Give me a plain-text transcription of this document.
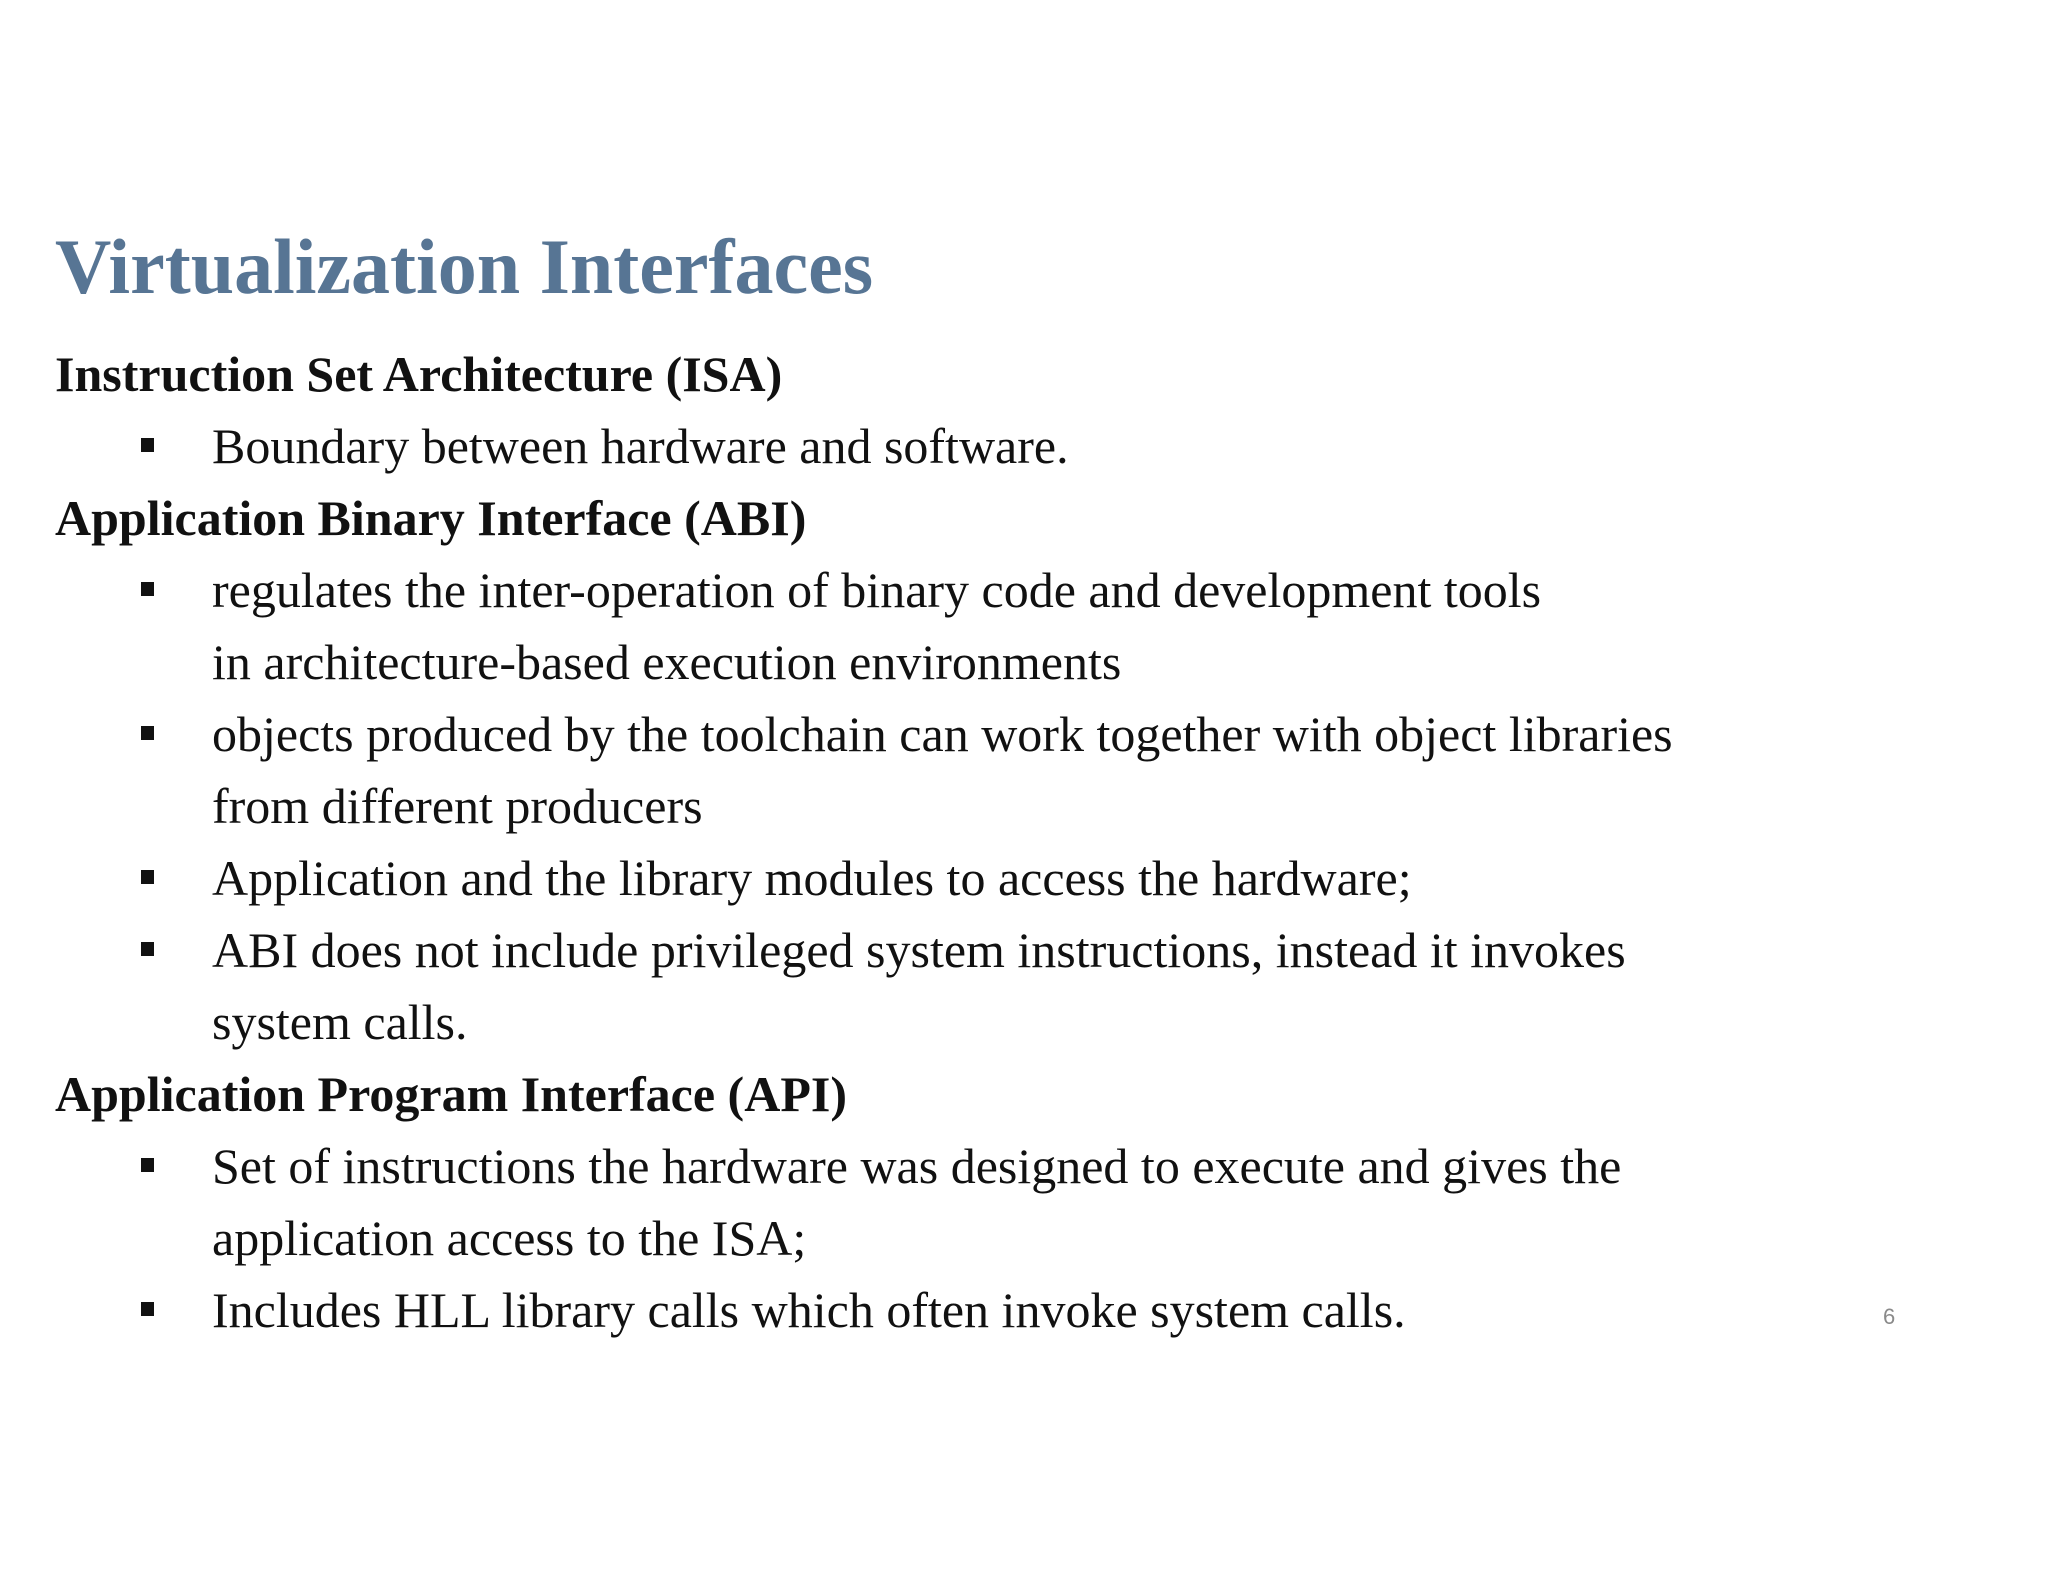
Virtualization Interfaces
Instruction Set Architecture (ISA)
Boundary between hardware and software.
Application Binary Interface (ABI)
regulates the inter-operation of binary code and development tools
in architecture-based execution environments
objects produced by the toolchain can work together with object libraries
from different producers
Application and the library modules to access the hardware;
ABI does not include privileged system instructions, instead it invokes
system calls.
Application Program Interface (API)
Set of instructions the hardware was designed to execute and gives the
application access to the ISA;
Includes HLL library calls which often invoke system calls.	6
